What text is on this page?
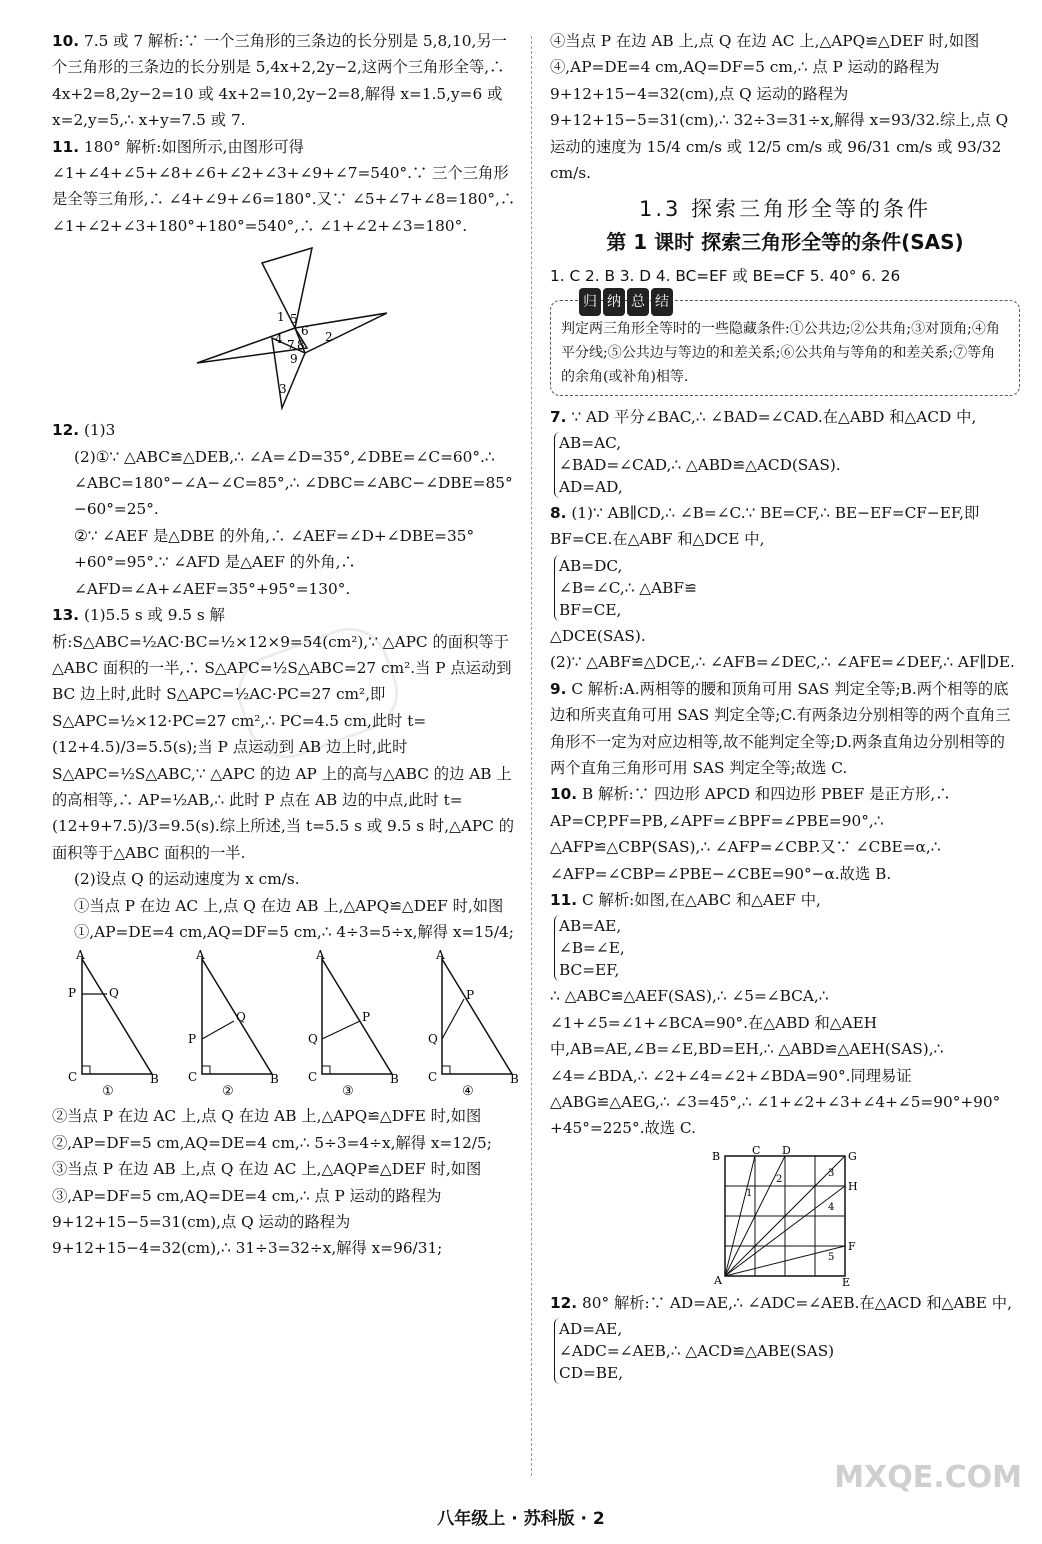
10. 7.5 或 7 解析:∵ 一个三角形的三条边的长分别是 5,8,10,另一个三角形的三条边的长分别是 5,4x+2,2y−2,这两个三角形全等,∴ 4x+2=8,2y−2=10 或 4x+2=10,2y−2=8,解得 x=1.5,y=6 或 x=2,y=5,∴ x+y=7.5 或 7.

11. 180° 解析:如图所示,由图形可得∠1+∠4+∠5+∠8+∠6+∠2+∠3+∠9+∠7=540°.∵ 三个三角形是全等三角形,∴ ∠4+∠9+∠6=180°.又∵ ∠5+∠7+∠8=180°,∴ ∠1+∠2+∠3+180°+180°=540°,∴ ∠1+∠2+∠3=180°.

1
2
3
4
5
6
7 8
9

12. (1)3

(2)①∵ △ABC≌△DEB,∴ ∠A=∠D=35°,∠DBE=∠C=60°.∴ ∠ABC=180°−∠A−∠C=85°,∴ ∠DBC=∠ABC−∠DBE=85°−60°=25°.

②∵ ∠AEF 是△DBE 的外角,∴ ∠AEF=∠D+∠DBE=35°+60°=95°.∵ ∠AFD 是△AEF 的外角,∴ ∠AFD=∠A+∠AEF=35°+95°=130°.

13. (1)5.5 s 或 9.5 s 解析:S△ABC=½AC·BC=½×12×9=54(cm²),∵ △APC 的面积等于△ABC 面积的一半,∴ S△APC=½S△ABC=27 cm².当 P 点运动到 BC 边上时,此时 S△APC=½AC·PC=27 cm²,即 S△APC=½×12·PC=27 cm²,∴ PC=4.5 cm,此时 t=(12+4.5)/3=5.5(s);当 P 点运动到 AB 边上时,此时 S△APC=½S△ABC,∵ △APC 的边 AP 上的高与△ABC 的边 AB 上的高相等,∴ AP=½AB,∴ 此时 P 点在 AB 边的中点,此时 t=(12+9+7.5)/3=9.5(s).综上所述,当 t=5.5 s 或 9.5 s 时,△APC 的面积等于△ABC 面积的一半.

(2)设点 Q 的运动速度为 x cm/s.

①当点 P 在边 AC 上,点 Q 在边 AB 上,△APQ≌△DEF 时,如图①,AP=DE=4 cm,AQ=DF=5 cm,∴ 4÷3=5÷x,解得 x=15/4;

A
P	Q
C	B
①
A
Q
P
C	B
②
A
P
Q
C	B
③
A
P
Q
C	B
④

②当点 P 在边 AC 上,点 Q 在边 AB 上,△APQ≌△DFE 时,如图②,AP=DF=5 cm,AQ=DE=4 cm,∴ 5÷3=4÷x,解得 x=12/5;

③当点 P 在边 AB 上,点 Q 在边 AC 上,△AQP≌△DEF 时,如图③,AP=DF=5 cm,AQ=DE=4 cm,∴ 点 P 运动的路程为 9+12+15−5=31(cm),点 Q 运动的路程为 9+12+15−4=32(cm),∴ 31÷3=32÷x,解得 x=96/31;

④当点 P 在边 AB 上,点 Q 在边 AC 上,△APQ≌△DEF 时,如图④,AP=DE=4 cm,AQ=DF=5 cm,∴ 点 P 运动的路程为 9+12+15−4=32(cm),点 Q 运动的路程为 9+12+15−5=31(cm),∴ 32÷3=31÷x,解得 x=93/32.综上,点 Q 运动的速度为 15/4 cm/s 或 12/5 cm/s 或 96/31 cm/s 或 93/32 cm/s.

1.3 探索三角形全等的条件
第 1 课时 探索三角形全等的条件(SAS)

1. C 2. B 3. D 4. BC=EF 或 BE=CF 5. 40° 6. 26

归 纳 总 结
判定两三角形全等时的一些隐藏条件:①公共边;②公共角;③对顶角;④角平分线;⑤公共边与等边的和差关系;⑥公共角与等角的和差关系;⑦等角的余角(或补角)相等.

7. ∵ AD 平分∠BAC,∴ ∠BAD=∠CAD.在△ABD 和△ACD 中,

AB=AC,
∠BAD=∠CAD,∴ △ABD≌△ACD(SAS).
AD=AD,

8. (1)∵ AB∥CD,∴ ∠B=∠C.∵ BE=CF,∴ BE−EF=CF−EF,即 BF=CE.在△ABF 和△DCE 中,

AB=DC,
∠B=∠C,∴ △ABF≌
BF=CE,

△DCE(SAS).

(2)∵ △ABF≌△DCE,∴ ∠AFB=∠DEC,∴ ∠AFE=∠DEF,∴ AF∥DE.

9. C 解析:A.两相等的腰和顶角可用 SAS 判定全等;B.两个相等的底边和所夹直角可用 SAS 判定全等;C.有两条边分别相等的两个直角三角形不一定为对应边相等,故不能判定全等;D.两条直角边分别相等的两个直角三角形可用 SAS 判定全等;故选 C.

10. B 解析:∵ 四边形 APCD 和四边形 PBEF 是正方形,∴ AP=CP,PF=PB,∠APF=∠BPF=∠PBE=90°,∴ △AFP≌△CBP(SAS),∴ ∠AFP=∠CBP.又∵ ∠CBE=α,∴ ∠AFP=∠CBP=∠PBE−∠CBE=90°−α.故选 B.

11. C 解析:如图,在△ABC 和△AEF 中,

AB=AE,
∠B=∠E,
BC=EF,

∴ △ABC≌△AEF(SAS),∴ ∠5=∠BCA,∴ ∠1+∠5=∠1+∠BCA=90°.在△ABD 和△AEH 中,AB=AE,∠B=∠E,BD=EH,∴ △ABD≌△AEH(SAS),∴ ∠4=∠BDA,∴ ∠2+∠4=∠2+∠BDA=90°.同理易证△ABG≌△AEG,∴ ∠3=45°,∴ ∠1+∠2+∠3+∠4+∠5=90°+90°+45°=225°.故选 C.

B	C D	G
H
F
A	E
1
2
3
4
5

12. 80° 解析:∵ AD=AE,∴ ∠ADC=∠AEB.在△ACD 和△ABE 中,

AD=AE,
∠ADC=∠AEB,∴ △ACD≌△ABE(SAS)
CD=BE,
八年级上 · 苏科版 · 2
MXQE.COM
